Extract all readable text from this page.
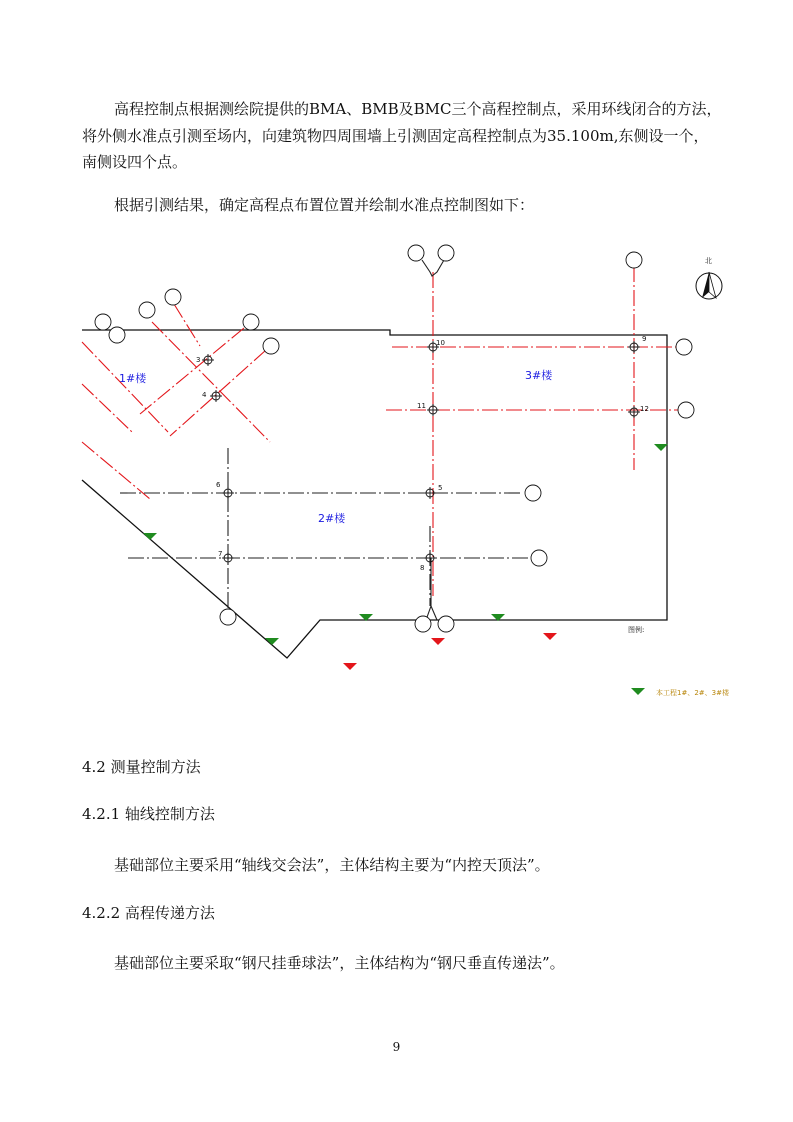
高程控制点根据测绘院提供的BMA、BMB及BMC三个高程控制点，采用环线闭合的方法，将外侧水准点引测至场内，向建筑物四周围墙上引测固定高程控制点为35.100m,东侧设一个，南侧设四个点。

根据引测结果，确定高程点布置位置并绘制水准点控制图如下：

3
4
10	9
11	12
6	5
7
8
1#楼
2#楼
3#楼
北
图例:
本工程1#、2#、3#楼

4.2 测量控制方法

4.2.1 轴线控制方法

基础部位主要采用“轴线交会法”，主体结构主要为“内控天顶法”。

4.2.2 高程传递方法

基础部位主要采取“钢尺挂垂球法”，主体结构为“钢尺垂直传递法”。

9
